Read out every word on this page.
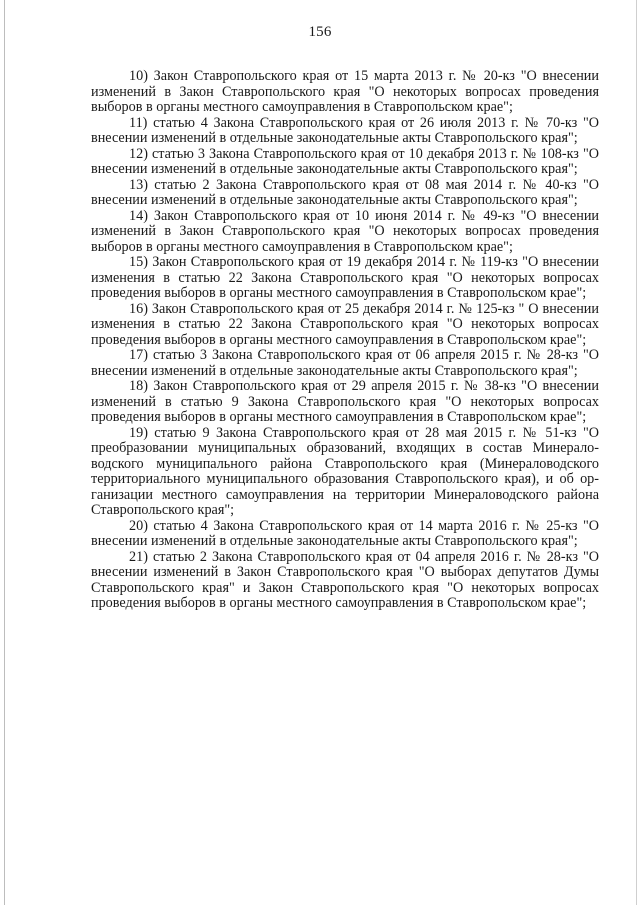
156

10) Закон Ставропольского края от 15 марта 2013 г. № 20-кз "О внесении изменений в Закон Ставропольского края "О некоторых вопросах проведения выборов в органы местного самоуправления в Ставропольском крае";

11) статью 4 Закона Ставропольского края от 26 июля 2013 г. № 70-кз "О внесении изменений в отдельные законодательные акты Ставропольского края";

12) статью 3 Закона Ставропольского края от 10 декабря 2013 г. № 108-кз "О внесении изменений в отдельные законодательные акты Ставропольского края";

13) статью 2 Закона Ставропольского края от 08 мая 2014 г. № 40-кз "О внесении изменений в отдельные законодательные акты Ставропольского края";

14) Закон Ставропольского края от 10 июня 2014 г. № 49-кз "О внесении изменений в Закон Ставропольского края "О некоторых вопросах проведения выборов в органы местного самоуправления в Ставропольском крае";

15) Закон Ставропольского края от 19 декабря 2014 г. № 119-кз "О внесении изменения в статью 22 Закона Ставропольского края "О некоторых вопросах проведения выборов в органы местного самоуправления в Ставропольском крае";

16) Закон Ставропольского края от 25 декабря 2014 г. № 125-кз " О внесении изменения в статью 22 Закона Ставропольского края "О некоторых вопросах проведения выборов в органы местного самоуправления в Ставропольском крае";

17) статью 3 Закона Ставропольского края от 06 апреля 2015 г. № 28-кз "О внесении изменений в отдельные законодательные акты Ставропольского края";

18) Закон Ставропольского края от 29 апреля 2015 г. № 38-кз "О внесении изменений в статью 9 Закона Ставропольского края "О некоторых вопросах проведения выборов в органы местного самоуправления в Ставропольском крае";

19) статью 9 Закона Ставропольского края от 28 мая 2015 г. № 51-кз "О преобразовании муниципальных образований, входящих в состав Минераловодского муниципального района Ставропольского края (Минераловодского территориального муниципального образования Ставропольского края), и об организации местного самоуправления на территории Минераловодского района Ставропольского края";

20) статью 4 Закона Ставропольского края от 14 марта 2016 г. № 25-кз "О внесении изменений в отдельные законодательные акты Ставропольского края";

21) статью 2 Закона Ставропольского края от 04 апреля 2016 г. № 28-кз "О внесении изменений в Закон Ставропольского края "О выборах депутатов Думы Ставропольского края" и Закон Ставропольского края "О некоторых вопросах проведения выборов в органы местного самоуправления в Ставропольском крае";
